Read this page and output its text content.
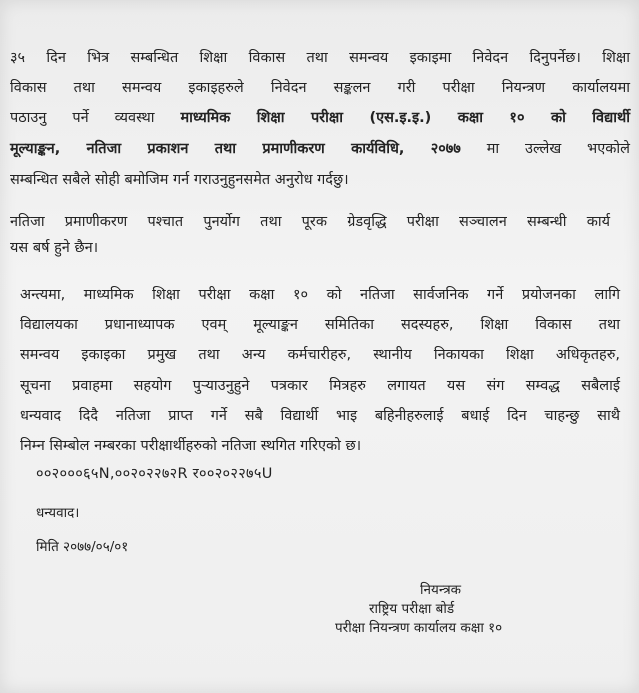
३५ दिन भित्र सम्बन्धित शिक्षा विकास तथा समन्वय इकाइमा निवेदन दिनुपर्नेछ। शिक्षा
विकास तथा समन्वय इकाइहरुले निवेदन सङ्कलन गरी परीक्षा नियन्त्रण कार्यालयमा
पठाउनु पर्ने व्यवस्था माध्यमिक शिक्षा परीक्षा (एस.इ.इ.) कक्षा १० को विद्यार्थी
मूल्याङ्कन, नतिजा प्रकाशन तथा प्रमाणीकरण कार्यविधि, २०७७ मा उल्लेख भएकोले
सम्बन्धित सबैले सोही बमोजिम गर्न गराउनुहुनसमेत अनुरोध गर्दछु।
नतिजा प्रमाणीकरण पश्चात पुनर्योग तथा पूरक ग्रेडवृद्धि परीक्षा सञ्चालन सम्बन्धी कार्य
यस बर्ष हुने छैन।
अन्त्यमा, माध्यमिक शिक्षा परीक्षा कक्षा १० को नतिजा सार्वजनिक गर्ने प्रयोजनका लागि
विद्यालयका प्रधानाध्यापक एवम् मूल्याङ्कन समितिका सदस्यहरु, शिक्षा विकास तथा
समन्वय इकाइका प्रमुख तथा अन्य कर्मचारीहरु, स्थानीय निकायका शिक्षा अधिकृतहरु,
सूचना प्रवाहमा सहयोग पुऱ्याउनुहुने पत्रकार मित्रहरु लगायत यस संग सम्वद्ध सबैलाई
धन्यवाद दिदै नतिजा प्राप्त गर्ने सबै विद्यार्थी भाइ बहिनीहरुलाई बधाई दिन चाहन्छु साथै
निम्न सिम्बोल नम्बरका परीक्षार्थीहरुको नतिजा स्थगित गरिएको छ।
००२०००६५N,००२०२२७२R र००२०२२७५U
धन्यवाद।
मिति २०७७/०५/०१
नियन्त्रक
राष्ट्रिय परीक्षा बोर्ड
परीक्षा नियन्त्रण कार्यालय कक्षा १०
